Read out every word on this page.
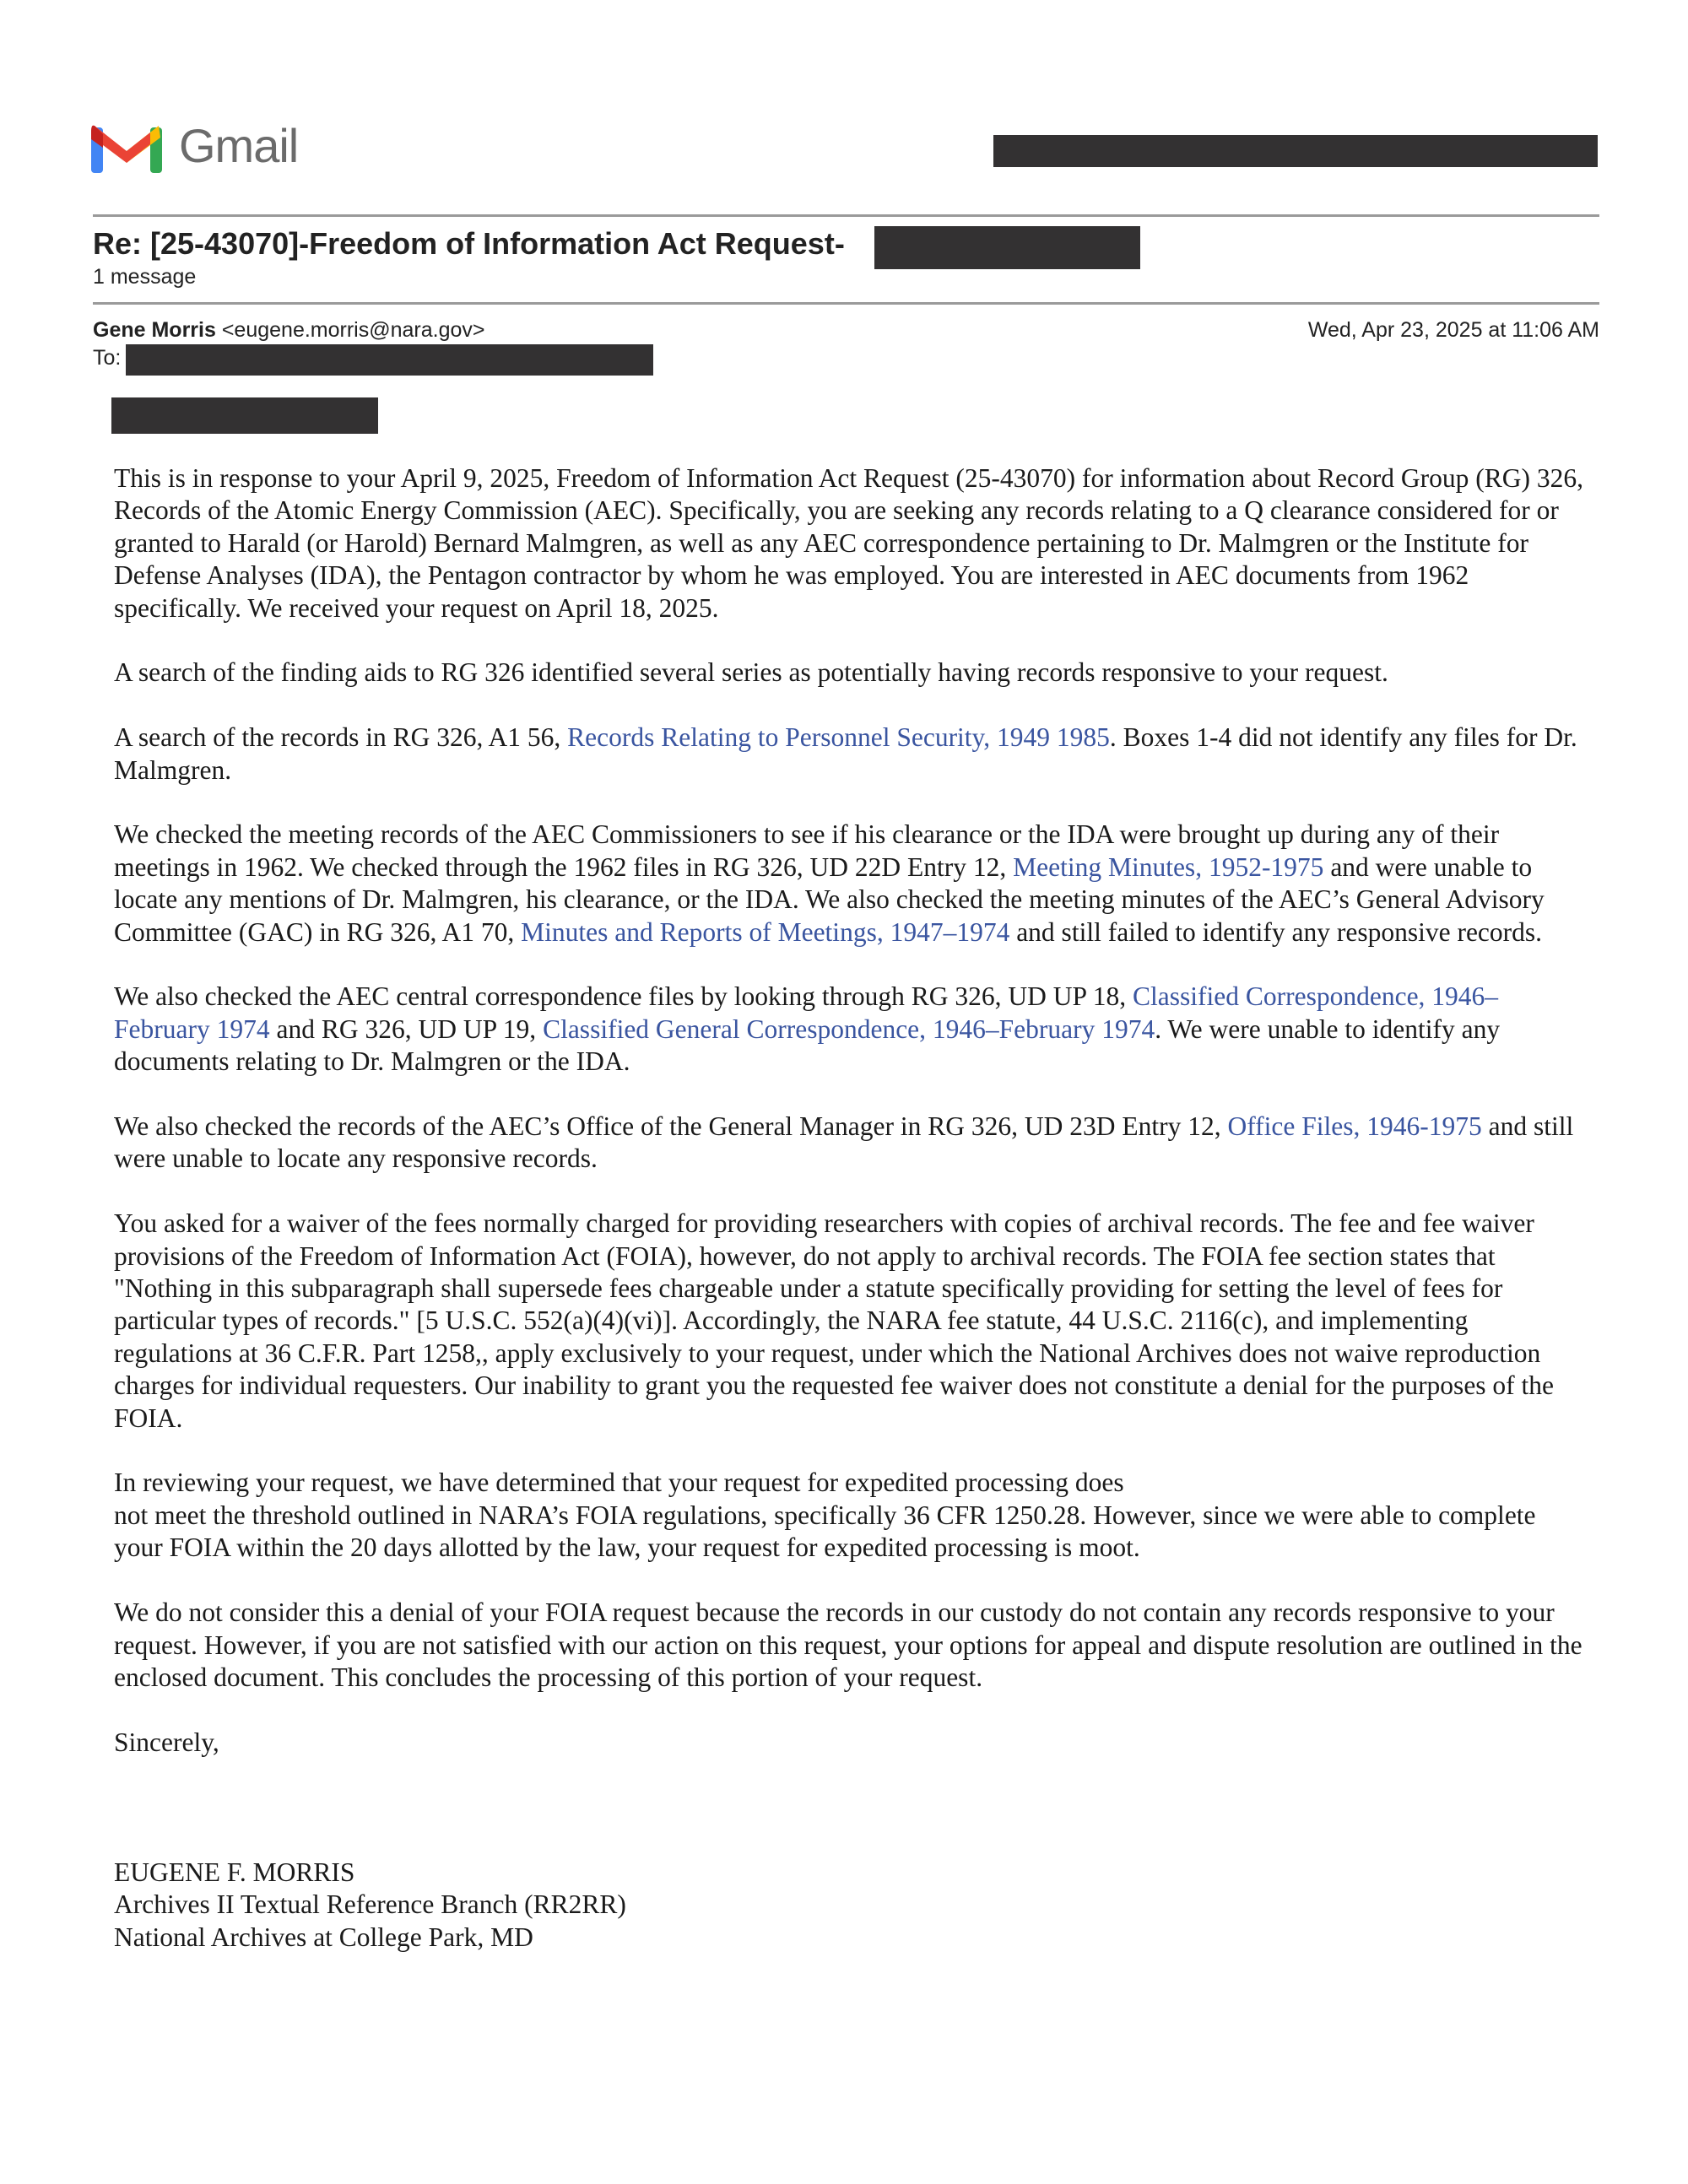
Gmail
Re: [25-43070]-Freedom of Information Act Request-
1 message
Gene Morris <eugene.morris@nara.gov>	Wed, Apr 23, 2025 at 11:06 AM
To:

This is in response to your April 9, 2025, Freedom of Information Act Request (25-43070) for information about Record Group (RG) 326, Records of the Atomic Energy Commission (AEC). Specifically, you are seeking any records relating to a Q clearance considered for or granted to Harald (or Harold) Bernard Malmgren, as well as any AEC correspondence pertaining to Dr. Malmgren or the Institute for Defense Analyses (IDA), the Pentagon contractor by whom he was employed. You are interested in AEC documents from 1962 specifically. We received your request on April 18, 2025.

A search of the finding aids to RG 326 identified several series as potentially having records responsive to your request.

A search of the records in RG 326, A1 56, Records Relating to Personnel Security, 1949 1985. Boxes 1-4 did not identify any files for Dr. Malmgren.

We checked the meeting records of the AEC Commissioners to see if his clearance or the IDA were brought up during any of their meetings in 1962. We checked through the 1962 files in RG 326, UD 22D Entry 12, Meeting Minutes, 1952-1975 and were unable to locate any mentions of Dr. Malmgren, his clearance, or the IDA. We also checked the meeting minutes of the AEC’s General Advisory Committee (GAC) in RG 326, A1 70, Minutes and Reports of Meetings, 1947–1974 and still failed to identify any responsive records.

We also checked the AEC central correspondence files by looking through RG 326, UD UP 18, Classified Correspondence, 1946–February 1974 and RG 326, UD UP 19, Classified General Correspondence, 1946–February 1974. We were unable to identify any documents relating to Dr. Malmgren or the IDA.

We also checked the records of the AEC’s Office of the General Manager in RG 326, UD 23D Entry 12, Office Files, 1946-1975 and still were unable to locate any responsive records.

You asked for a waiver of the fees normally charged for providing researchers with copies of archival records. The fee and fee waiver provisions of the Freedom of Information Act (FOIA), however, do not apply to archival records. The FOIA fee section states that "Nothing in this subparagraph shall supersede fees chargeable under a statute specifically providing for setting the level of fees for particular types of records." [5 U.S.C. 552(a)(4)(vi)]. Accordingly, the NARA fee statute, 44 U.S.C. 2116(c), and implementing regulations at 36 C.F.R. Part 1258,, apply exclusively to your request, under which the National Archives does not waive reproduction charges for individual requesters. Our inability to grant you the requested fee waiver does not constitute a denial for the purposes of the FOIA.

In reviewing your request, we have determined that your request for expedited processing does
not meet the threshold outlined in NARA’s FOIA regulations, specifically 36 CFR 1250.28. However, since we were able to complete your FOIA within the 20 days allotted by the law, your request for expedited processing is moot.

We do not consider this a denial of your FOIA request because the records in our custody do not contain any records responsive to your request. However, if you are not satisfied with our action on this request, your options for appeal and dispute resolution are outlined in the enclosed document. This concludes the processing of this portion of your request.

Sincerely,

EUGENE F. MORRIS
Archives II Textual Reference Branch (RR2RR)
National Archives at College Park, MD
